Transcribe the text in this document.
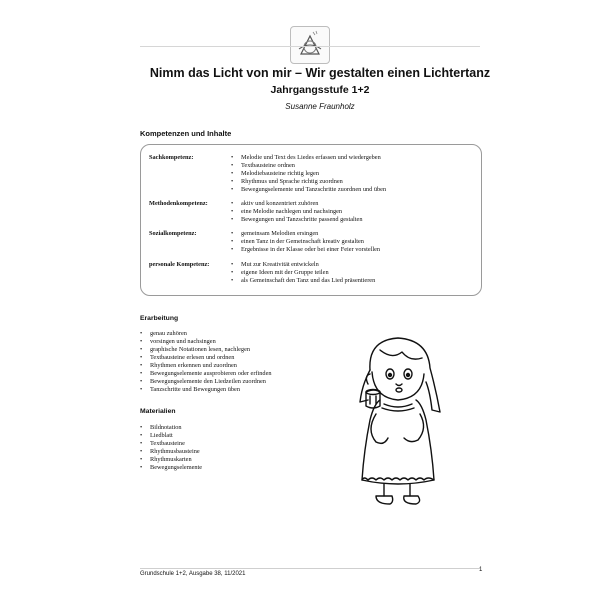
Nimm das Licht von mir – Wir gestalten einen Lichtertanz
Jahrgangsstufe 1+2
Susanne Fraunholz
Kompetenzen und Inhalte
Sachkompetenz:	• Melodie und Text des Liedes erfassen und wiedergeben
• Textbausteine ordnen
• Melodiebausteine richtig legen
• Rhythmus und Sprache richtig zuordnen
• Bewegungselemente und Tanzschritte zuordnen und üben
Methodenkompetenz:	• aktiv und konzentriert zuhören
• eine Melodie nachlegen und nachsingen
• Bewegungen und Tanzschritte passend gestalten
Sozialkompetenz:	• gemeinsam Melodien ersingen
• einen Tanz in der Gemeinschaft kreativ gestalten
• Ergebnisse in der Klasse oder bei einer Feier vorstellen
personale Kompetenz:	• Mut zur Kreativität entwickeln
• eigene Ideen mit der Gruppe teilen
• als Gemeinschaft den Tanz und das Lied präsentieren
Erarbeitung
• genau zuhören
• vorsingen und nachsingen
• graphische Notationen lesen, nachlegen
• Textbausteine erlesen und ordnen
• Rhythmen erkennen und zuordnen
• Bewegungselemente ausprobieren oder erfinden
• Bewegungselemente den Liedzeilen zuordnen
• Tanzschritte und Bewegungen üben
Materialien
• Bildnotation
• Liedblatt
• Textbausteine
• Rhythmusbausteine
• Rhythmuskarten
• Bewegungselemente
Grundschule 1+2, Ausgabe 38, 11/2021
1
